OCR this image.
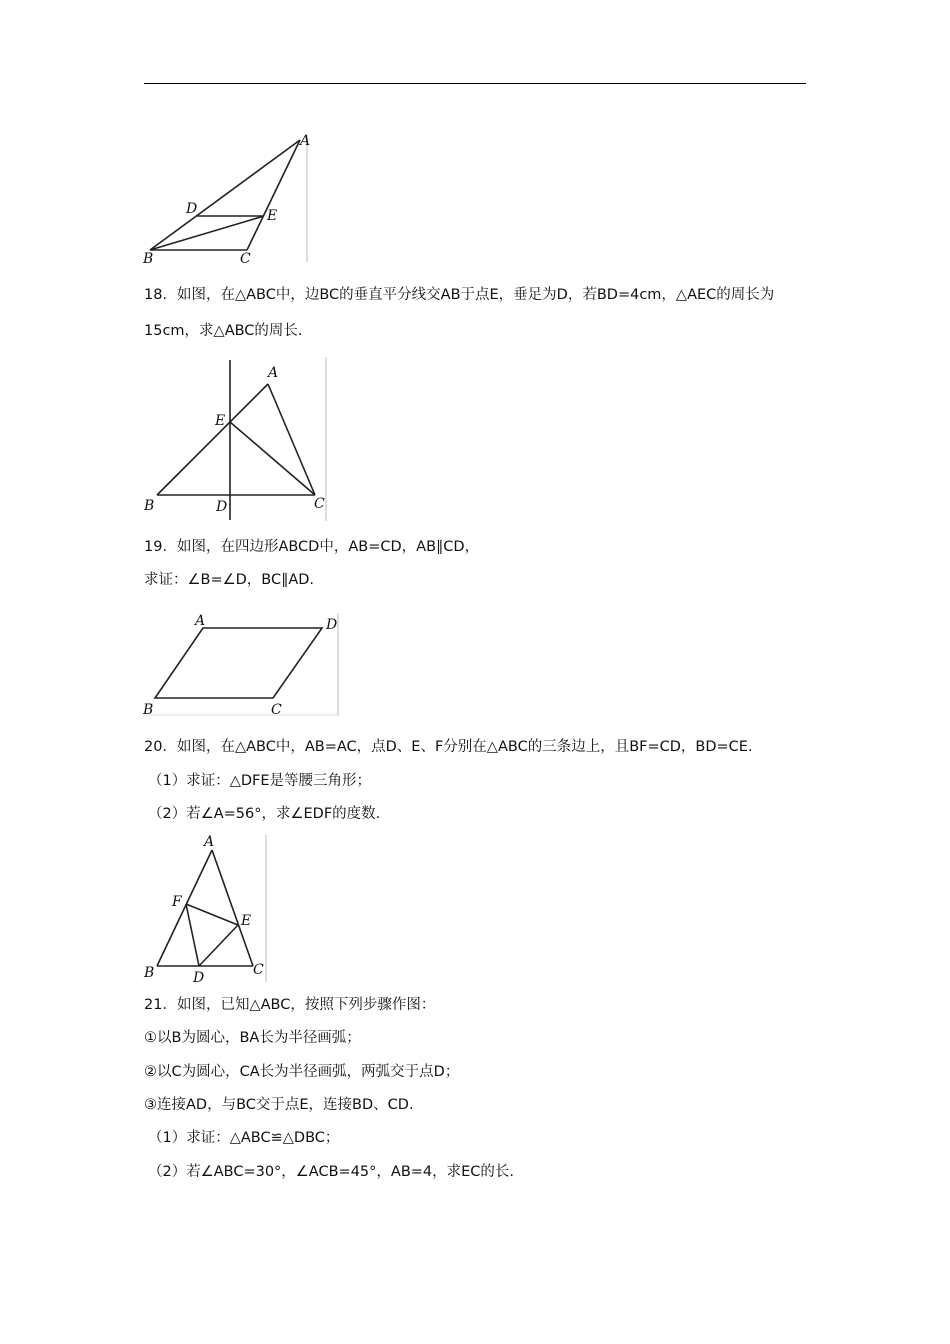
A
D	E
B	C
18．如图，在△ABC中，边BC的垂直平分线交AB于点E，垂足为D，若BD=4cm，△AEC的周长为
15cm，求△ABC的周长.
A
E
B	D	C
19．如图，在四边形ABCD中，AB=CD，AB∥CD，
求证：∠B=∠D，BC∥AD.
A	D
B	C
20．如图，在△ABC中，AB=AC，点D、E、F分别在△ABC的三条边上，且BF=CD，BD=CE.
（1）求证：△DFE是等腰三角形；
（2）若∠A=56°，求∠EDF的度数.
A
F
E
B	D	C
21．如图，已知△ABC，按照下列步骤作图：
①以B为圆心，BA长为半径画弧；
②以C为圆心，CA长为半径画弧，两弧交于点D；
③连接AD，与BC交于点E，连接BD、CD.
（1）求证：△ABC≌△DBC；
（2）若∠ABC=30°，∠ACB=45°，AB=4，求EC的长.
